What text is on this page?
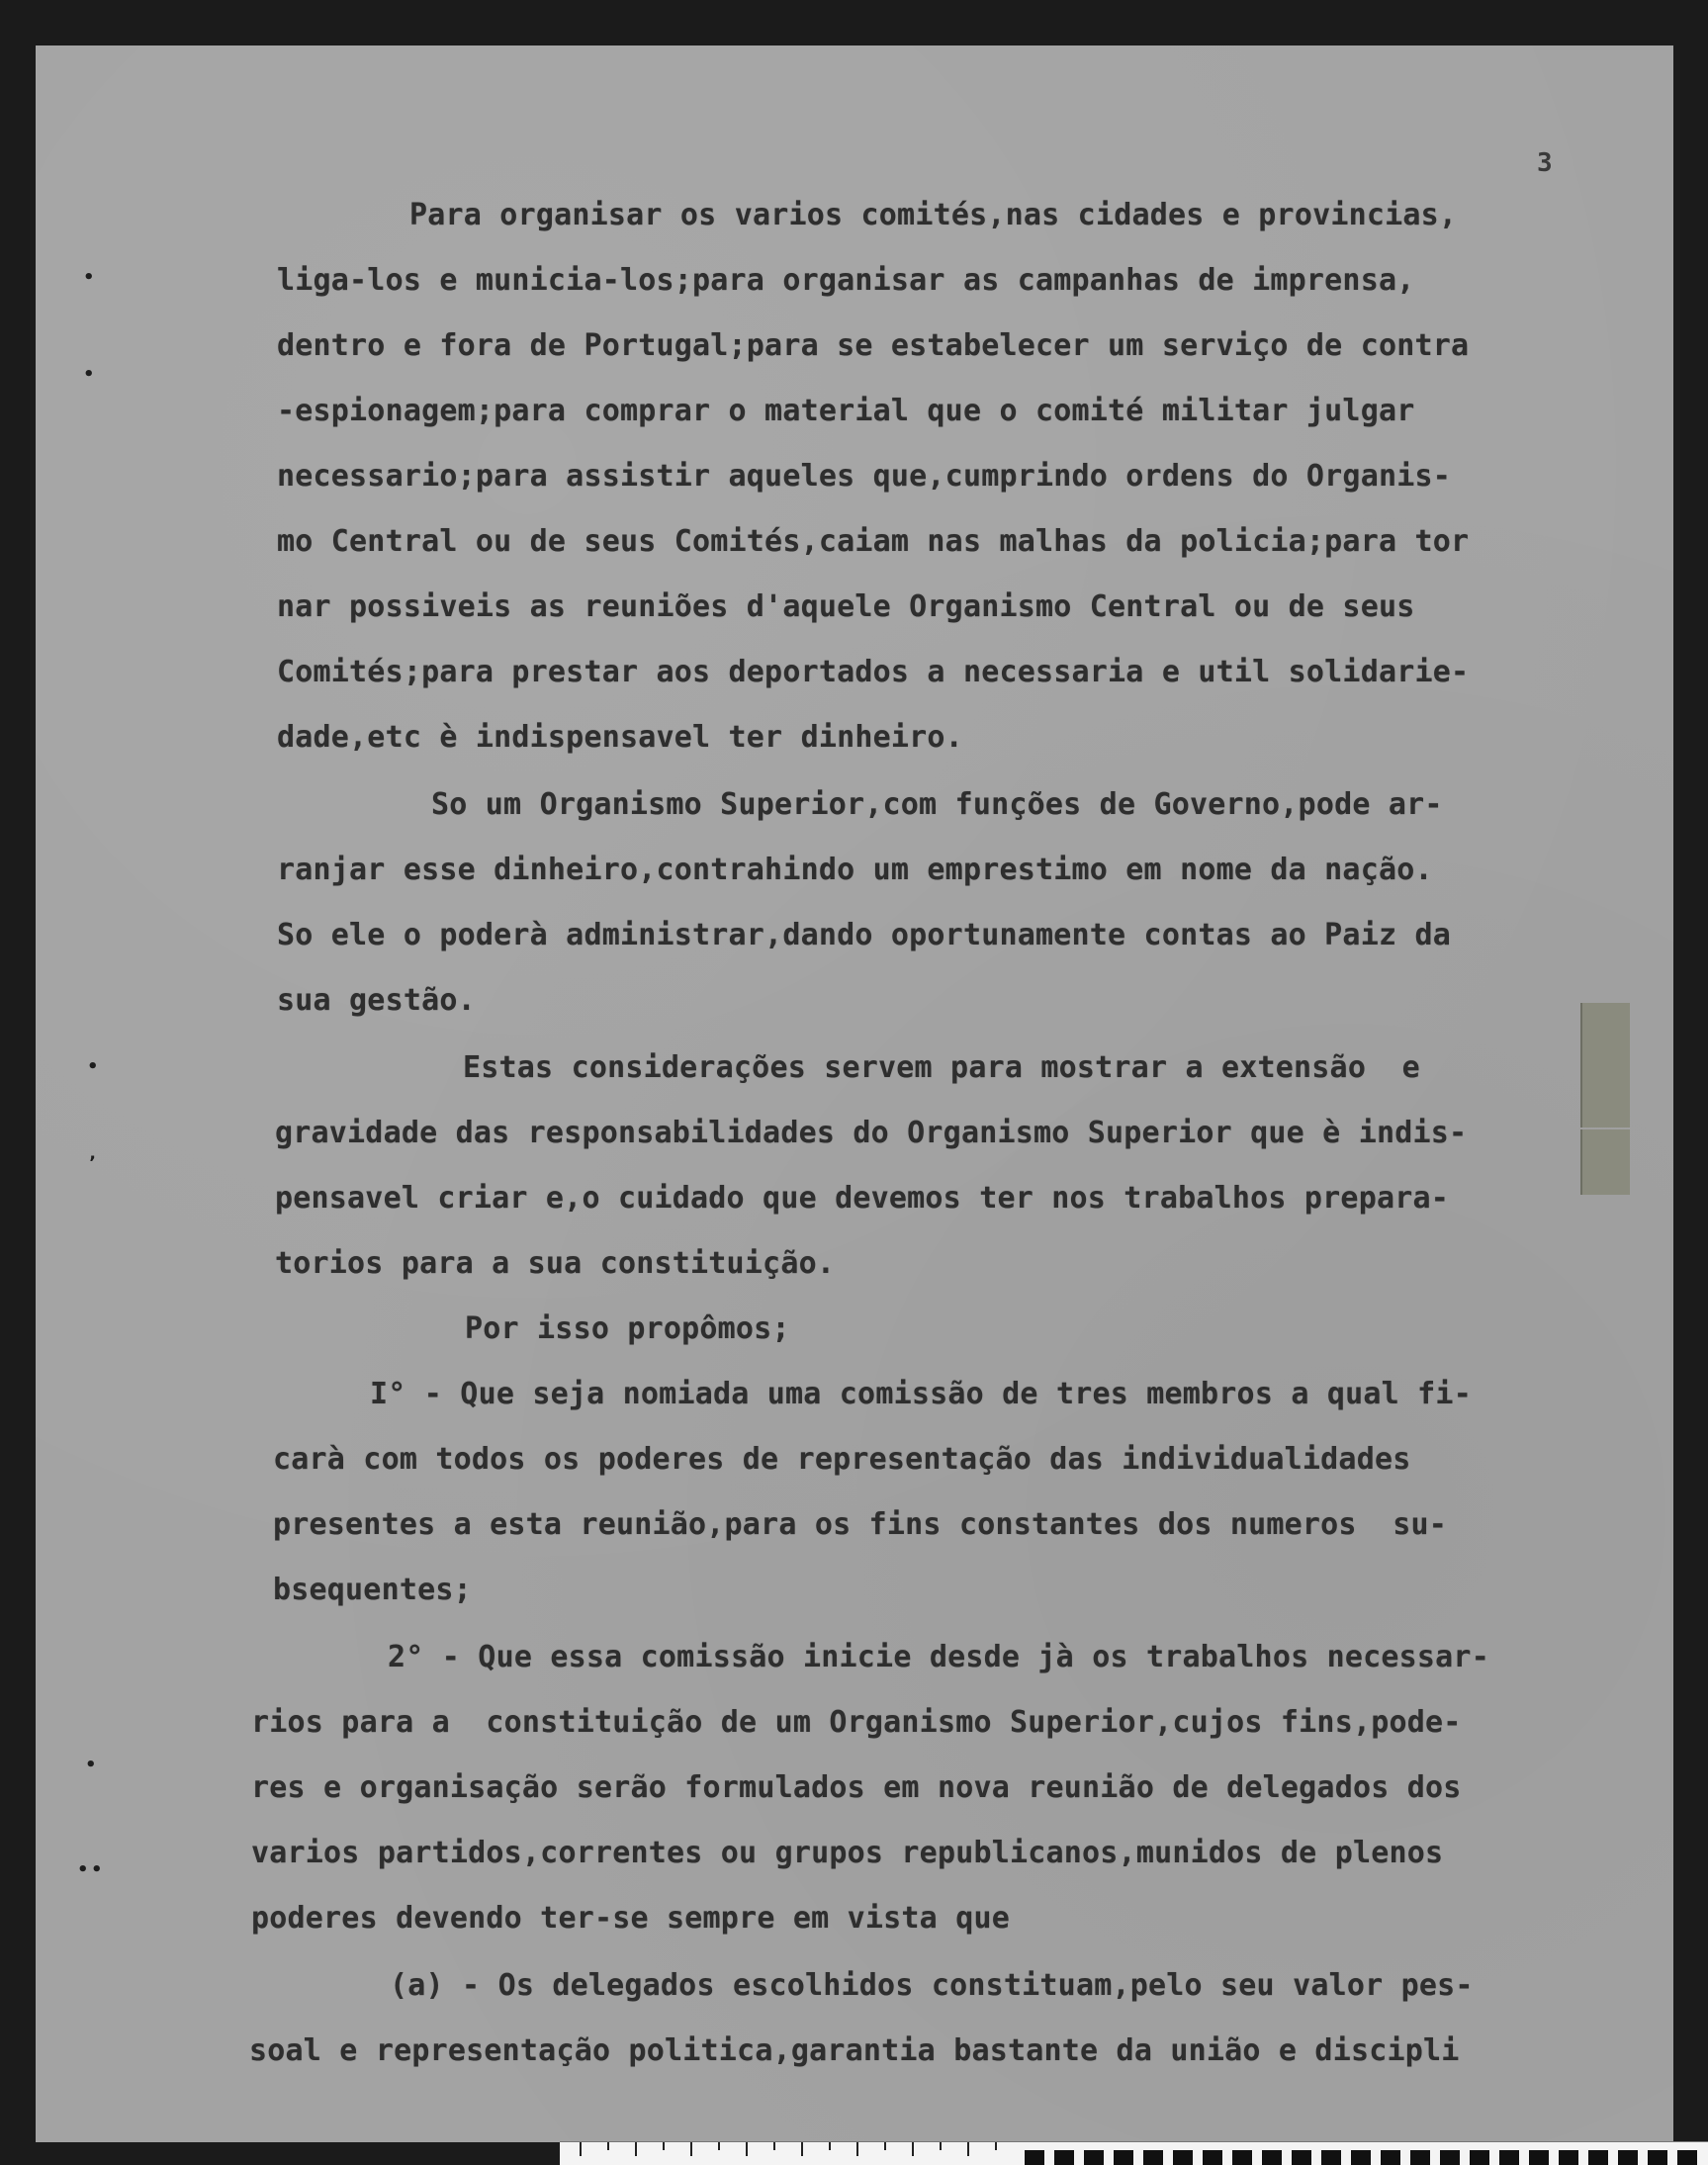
•
•
•
‚
•
• •
3
Para organisar os varios comités,nas cidades e provincias,
liga-los e municia-los;para organisar as campanhas de imprensa,
dentro e fora de Portugal;para se estabelecer um serviço de contra
-espionagem;para comprar o material que o comité militar julgar
necessario;para assistir aqueles que,cumprindo ordens do Organis-
mo Central ou de seus Comités,caiam nas malhas da policia;para tor
nar possiveis as reuniões d'aquele Organismo Central ou de seus
Comités;para prestar aos deportados a necessaria e util solidarie-
dade,etc è indispensavel ter dinheiro.
So um Organismo Superior,com funções de Governo,pode ar-
ranjar esse dinheiro,contrahindo um emprestimo em nome da nação.
So ele o poderà administrar,dando oportunamente contas ao Paiz da
sua gestão.
Estas considerações servem para mostrar a extensão  e
gravidade das responsabilidades do Organismo Superior que è indis-
pensavel criar e,o cuidado que devemos ter nos trabalhos prepara-
torios para a sua constituição.
Por isso propômos;
I° - Que seja nomiada uma comissão de tres membros a qual fi-
carà com todos os poderes de representação das individualidades
presentes a esta reunião,para os fins constantes dos numeros  su-
bsequentes;
2° - Que essa comissão inicie desde jà os trabalhos necessar-
rios para a  constituição de um Organismo Superior,cujos fins,pode-
res e organisação serão formulados em nova reunião de delegados dos
varios partidos,correntes ou grupos republicanos,munidos de plenos
poderes devendo ter-se sempre em vista que
(a) - Os delegados escolhidos constituam,pelo seu valor pes-
soal e representação politica,garantia bastante da união e discipli
